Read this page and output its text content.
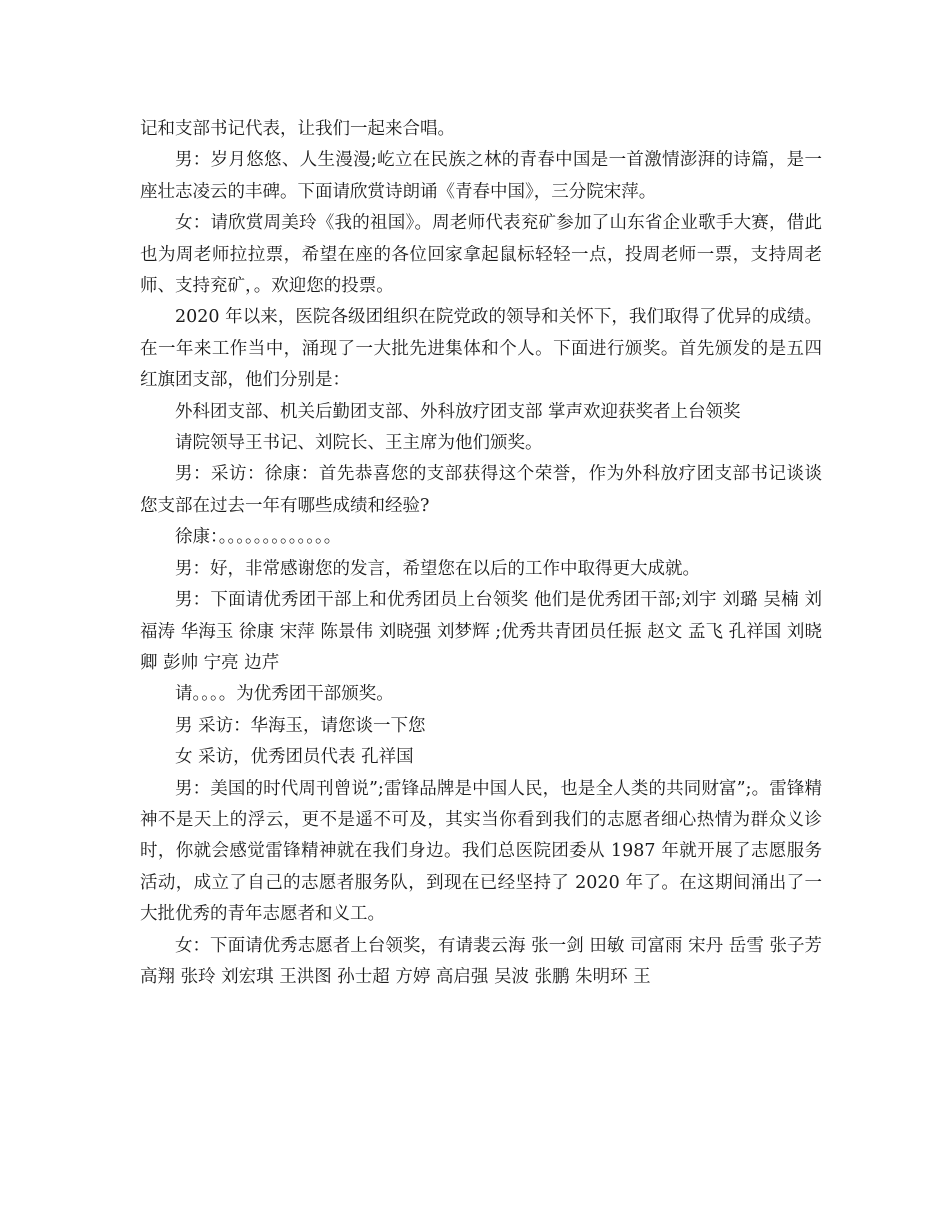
记和支部书记代表，让我们一起来合唱。

男：岁月悠悠、人生漫漫;屹立在民族之林的青春中国是一首激情澎湃的诗篇，是一座壮志凌云的丰碑。下面请欣赏诗朗诵《青春中国》，三分院宋萍。

女：请欣赏周美玲《我的祖国》。周老师代表兖矿参加了山东省企业歌手大赛，借此也为周老师拉拉票，希望在座的各位回家拿起鼠标轻轻一点，投周老师一票，支持周老师、支持兖矿，。欢迎您的投票。

2020 年以来，医院各级团组织在院党政的领导和关怀下，我们取得了优异的成绩。在一年来工作当中，涌现了一大批先进集体和个人。下面进行颁奖。首先颁发的是五四红旗团支部，他们分别是：

外科团支部、机关后勤团支部、外科放疗团支部 掌声欢迎获奖者上台领奖

请院领导王书记、刘院长、王主席为他们颁奖。

男：采访：徐康：首先恭喜您的支部获得这个荣誉，作为外科放疗团支部书记谈谈您支部在过去一年有哪些成绩和经验?

徐康：。。。。。。。。。。。。。

男：好，非常感谢您的发言，希望您在以后的工作中取得更大成就。

男：下面请优秀团干部上和优秀团员上台领奖 他们是优秀团干部;刘宇 刘璐 吴楠 刘福涛 华海玉 徐康 宋萍 陈景伟 刘晓强 刘梦辉 ;优秀共青团员任振 赵文 孟飞 孔祥国 刘晓卿 彭帅 宁亮 边芹

请。。。。为优秀团干部颁奖。

男 采访：华海玉，请您谈一下您

女 采访，优秀团员代表 孔祥国

男：美国的时代周刊曾说”;雷锋品牌是中国人民，也是全人类的共同财富”;。雷锋精神不是天上的浮云，更不是遥不可及，其实当你看到我们的志愿者细心热情为群众义诊时，你就会感觉雷锋精神就在我们身边。我们总医院团委从 1987 年就开展了志愿服务活动，成立了自己的志愿者服务队，到现在已经坚持了 2020 年了。在这期间涌出了一大批优秀的青年志愿者和义工。

女：下面请优秀志愿者上台领奖，有请裴云海 张一剑 田敏 司富雨 宋丹 岳雪 张子芳 高翔 张玲 刘宏琪 王洪图 孙士超 方婷 高启强 吴波 张鹏 朱明环 王
